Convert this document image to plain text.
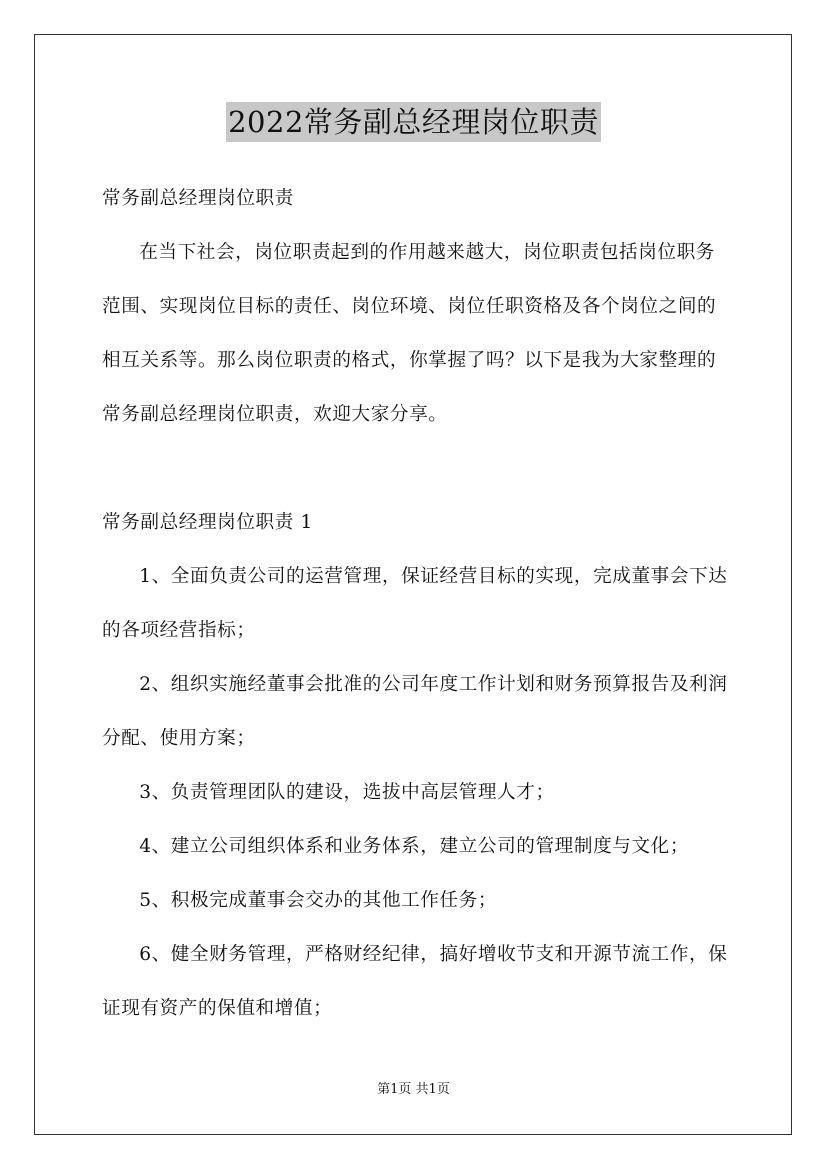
2022常务副总经理岗位职责

常务副总经理岗位职责

在当下社会，岗位职责起到的作用越来越大，岗位职责包括岗位职务范围、实现岗位目标的责任、岗位环境、岗位任职资格及各个岗位之间的相互关系等。那么岗位职责的格式，你掌握了吗？以下是我为大家整理的常务副总经理岗位职责，欢迎大家分享。

常务副总经理岗位职责 1

1、全面负责公司的运营管理，保证经营目标的实现，完成董事会下达的各项经营指标；

2、组织实施经董事会批准的公司年度工作计划和财务预算报告及利润分配、使用方案；

3、负责管理团队的建设，选拔中高层管理人才；

4、建立公司组织体系和业务体系，建立公司的管理制度与文化；

5、积极完成董事会交办的其他工作任务；

6、健全财务管理，严格财经纪律，搞好增收节支和开源节流工作，保证现有资产的保值和增值；

第1页 共1页
